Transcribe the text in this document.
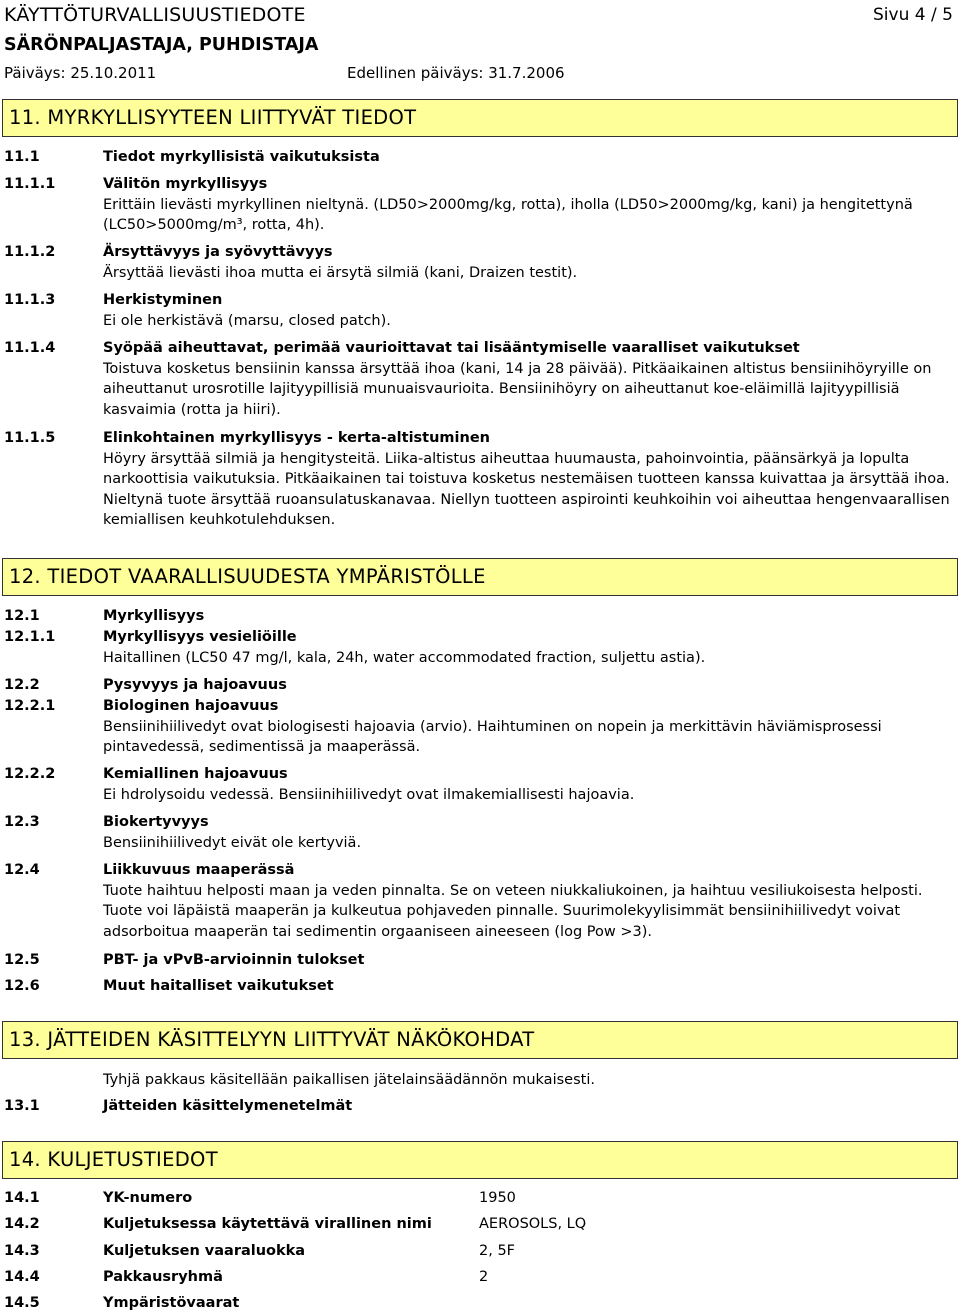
KÄYTTÖTURVALLISUUSTIEDOTE	Sivu 4 / 5
SÄRÖNPALJASTAJA, PUHDISTAJA
Päiväys: 25.10.2011	Edellinen päiväys: 31.7.2006
11. MYRKYLLISYYTEEN LIITTYVÄT TIEDOT
11.1	Tiedot myrkyllisistä vaikutuksista
11.1.1	Välitön myrkyllisyys
Erittäin lievästi myrkyllinen nieltynä. (LD50>2000mg/kg, rotta), iholla (LD50>2000mg/kg, kani) ja hengitettynä (LC50>5000mg/m³, rotta, 4h).
11.1.2	Ärsyttävyys ja syövyttävyys
Ärsyttää lievästi ihoa mutta ei ärsytä silmiä (kani, Draizen testit).
11.1.3	Herkistyminen
Ei ole herkistävä (marsu, closed patch).
11.1.4	Syöpää aiheuttavat, perimää vaurioittavat tai lisääntymiselle vaaralliset vaikutukset
Toistuva kosketus bensiinin kanssa ärsyttää ihoa (kani, 14 ja 28 päivää). Pitkäaikainen altistus bensiinihöyryille on aiheuttanut urosrotille lajityypillisiä munuaisvaurioita. Bensiinihöyry on aiheuttanut koe-eläimillä lajityypillisiä kasvaimia (rotta ja hiiri).
11.1.5	Elinkohtainen myrkyllisyys - kerta-altistuminen
Höyry ärsyttää silmiä ja hengitysteitä. Liika-altistus aiheuttaa huumausta, pahoinvointia, päänsärkyä ja lopulta narkoottisia vaikutuksia. Pitkäaikainen tai toistuva kosketus nestemäisen tuotteen kanssa kuivattaa ja ärsyttää ihoa. Nieltynä tuote ärsyttää ruoansulatuskanavaa. Niellyn tuotteen aspirointi keuhkoihin voi aiheuttaa hengenvaarallisen kemiallisen keuhkotulehduksen.
12. TIEDOT VAARALLISUUDESTA YMPÄRISTÖLLE
12.1	Myrkyllisyys
12.1.1	Myrkyllisyys vesieliöille
Haitallinen (LC50 47 mg/l, kala, 24h, water accommodated fraction, suljettu astia).
12.2	Pysyvyys ja hajoavuus
12.2.1	Biologinen hajoavuus
Bensiinihiilivedyt ovat biologisesti hajoavia (arvio). Haihtuminen on nopein ja merkittävin häviämisprosessi pintavedessä, sedimentissä ja maaperässä.
12.2.2	Kemiallinen hajoavuus
Ei hdrolysoidu vedessä. Bensiinihiilivedyt ovat ilmakemiallisesti hajoavia.
12.3	Biokertyvyys
Bensiinihiilivedyt eivät ole kertyviä.
12.4	Liikkuvuus maaperässä
Tuote haihtuu helposti maan ja veden pinnalta. Se on veteen niukkaliukoinen, ja haihtuu vesiliukoisesta helposti. Tuote voi läpäistä maaperän ja kulkeutua pohjaveden pinnalle. Suurimolekyylisimmät bensiinihiilivedyt voivat adsorboitua maaperän tai sedimentin orgaaniseen aineeseen (log Pow >3).
12.5	PBT- ja vPvB-arvioinnin tulokset
12.6	Muut haitalliset vaikutukset
13. JÄTTEIDEN KÄSITTELYYN LIITTYVÄT NÄKÖKOHDAT
Tyhjä pakkaus käsitellään paikallisen jätelainsäädännön mukaisesti.
13.1	Jätteiden käsittelymenetelmät
14. KULJETUSTIEDOT
14.1	YK-numero	1950
14.2	Kuljetuksessa käytettävä virallinen nimi	AEROSOLS, LQ
14.3	Kuljetuksen vaaraluokka	2, 5F
14.4	Pakkausryhmä	2
14.5	Ympäristövaarat
